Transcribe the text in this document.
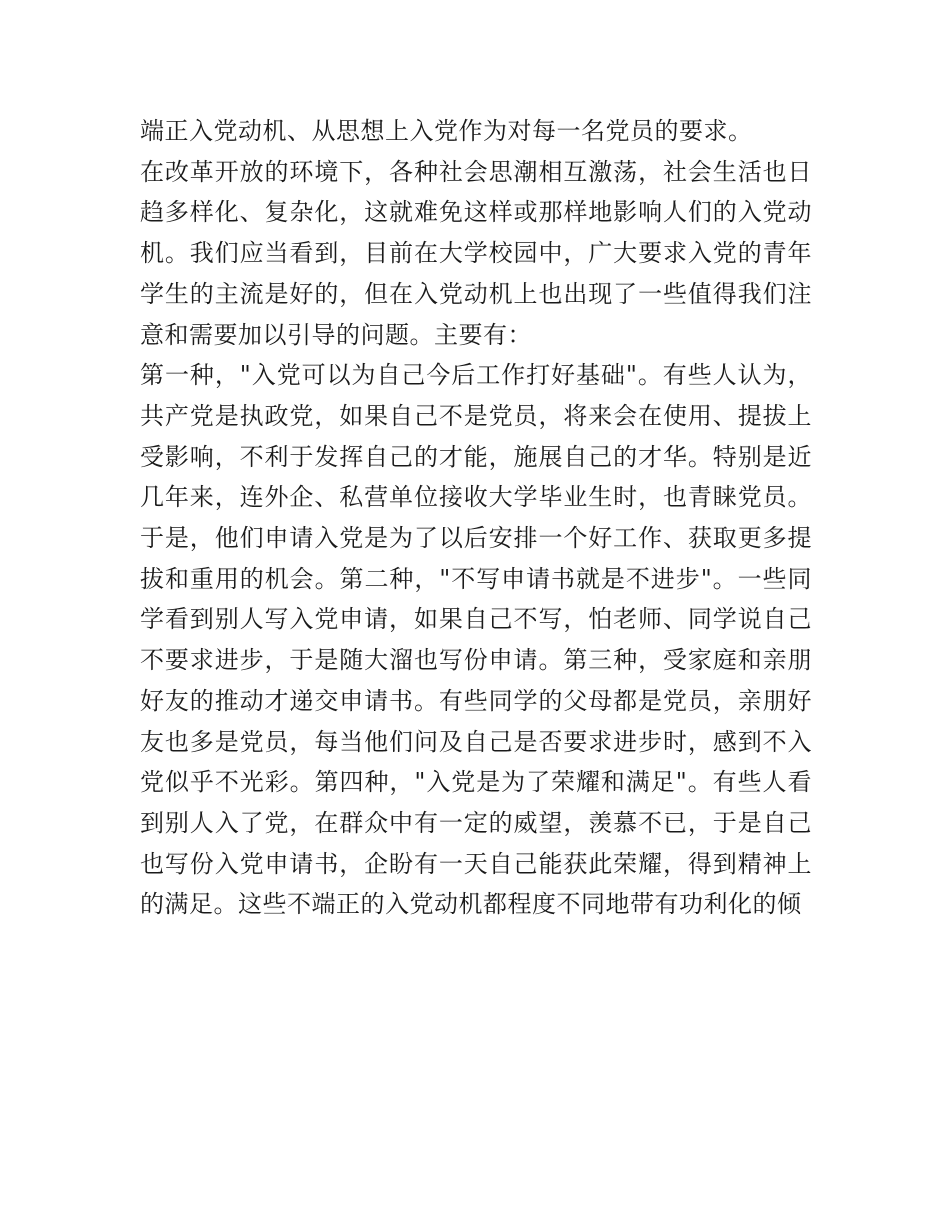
端正入党动机、从思想上入党作为对每一名党员的要求。

在改革开放的环境下，各种社会思潮相互激荡，社会生活也日趋多样化、复杂化，这就难免这样或那样地影响人们的入党动机。我们应当看到，目前在大学校园中，广大要求入党的青年学生的主流是好的，但在入党动机上也出现了一些值得我们注意和需要加以引导的问题。主要有：

第一种，"入党可以为自己今后工作打好基础"。有些人认为，共产党是执政党，如果自己不是党员，将来会在使用、提拔上受影响，不利于发挥自己的才能，施展自己的才华。特别是近几年来，连外企、私营单位接收大学毕业生时，也青睐党员。于是，他们申请入党是为了以后安排一个好工作、获取更多提拔和重用的机会。第二种，"不写申请书就是不进步"。一些同学看到别人写入党申请，如果自己不写，怕老师、同学说自己不要求进步，于是随大溜也写份申请。第三种，受家庭和亲朋好友的推动才递交申请书。有些同学的父母都是党员，亲朋好友也多是党员，每当他们问及自己是否要求进步时，感到不入党似乎不光彩。第四种，"入党是为了荣耀和满足"。有些人看到别人入了党，在群众中有一定的威望，羡慕不已，于是自己也写份入党申请书，企盼有一天自己能获此荣耀，得到精神上的满足。这些不端正的入党动机都程度不同地带有功利化的倾
